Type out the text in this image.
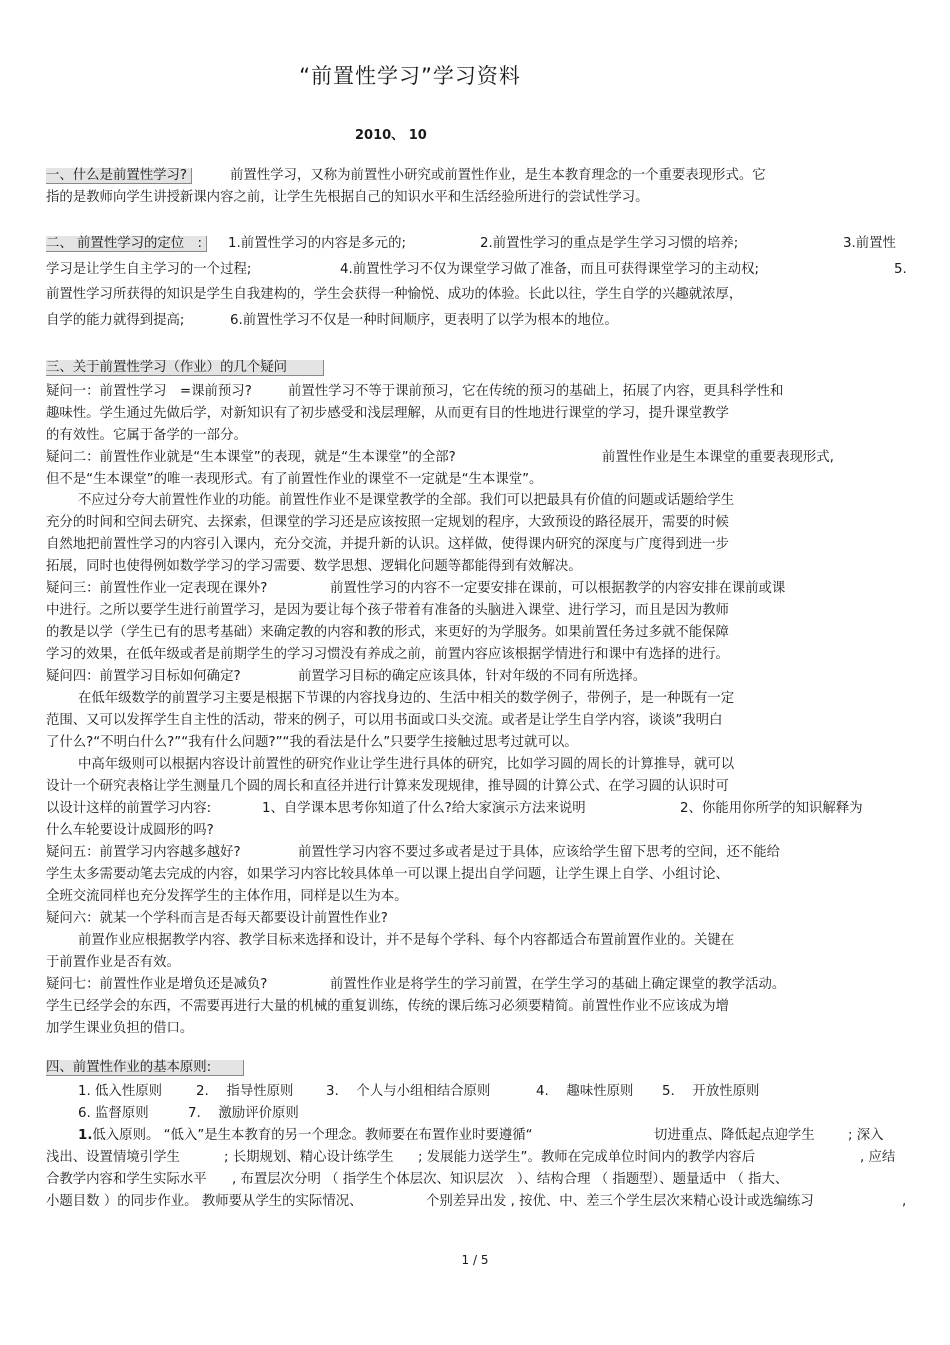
“前置性学习”学习资料
2010、 10
一、什么是前置性学习?	前置性学习，又称为前置性小研究或前置性作业，是生本教育理念的一个重要表现形式。它
指的是教师向学生讲授新课内容之前，让学生先根据自己的知识水平和生活经验所进行的尝试性学习。
二、 前置性学习的定位　: 1.前置性学习的内容是多元的;	2.前置性学习的重点是学生学习习惯的培养;	3.前置性
学习是让学生自主学习的一个过程;	4.前置性学习不仅为课堂学习做了准备，而且可获得课堂学习的主动权;	5.
前置性学习所获得的知识是学生自我建构的，学生会获得一种愉悦、成功的体验。长此以往，学生自学的兴趣就浓厚，
自学的能力就得到提高;	6.前置性学习不仅是一种时间顺序，更表明了以学为根本的地位。
三、关于前置性学习（作业）的几个疑问
疑问一：前置性学习　=课前预习?	前置性学习不等于课前预习，它在传统的预习的基础上，拓展了内容，更具科学性和
趣味性。学生通过先做后学，对新知识有了初步感受和浅层理解，从而更有目的性地进行课堂的学习，提升课堂教学
的有效性。它属于备学的一部分。
疑问二：前置性作业就是“生本课堂”的表现，就是“生本课堂”的全部?	前置性作业是生本课堂的重要表现形式,
但不是“生本课堂”的唯一表现形式。有了前置性作业的课堂不一定就是“生本课堂”。
不应过分夸大前置性作业的功能。前置性作业不是课堂教学的全部。我们可以把最具有价值的问题或话题给学生
充分的时间和空间去研究、去探索，但课堂的学习还是应该按照一定规划的程序，大致预设的路径展开，需要的时候
自然地把前置性学习的内容引入课内，充分交流，并提升新的认识。这样做，使得课内研究的深度与广度得到进一步
拓展，同时也使得例如数学学习的学习需要、数学思想、逻辑化问题等都能得到有效解决。
疑问三：前置性作业一定表现在课外?	前置性学习的内容不一定要安排在课前，可以根据教学的内容安排在课前或课
中进行。之所以要学生进行前置学习，是因为要让每个孩子带着有准备的头脑进入课堂、进行学习，而且是因为教师
的教是以学（学生已有的思考基础）来确定教的内容和教的形式，来更好的为学服务。如果前置任务过多就不能保障
学习的效果，在低年级或者是前期学生的学习习惯没有养成之前，前置内容应该根据学情进行和课中有选择的进行。
疑问四：前置学习目标如何确定?	前置学习目标的确定应该具体，针对年级的不同有所选择。
在低年级数学的前置学习主要是根据下节课的内容找身边的、生活中相关的数学例子，带例子，是一种既有一定
范围、又可以发挥学生自主性的活动，带来的例子，可以用书面或口头交流。或者是让学生自学内容，谈谈”我明白
了什么?“不明白什么?”“我有什么问题?”“我的看法是什么”只要学生接触过思考过就可以。
中高年级则可以根据内容设计前置性的研究作业让学生进行具体的研究，比如学习圆的周长的计算推导，就可以
设计一个研究表格让学生测量几个圆的周长和直径并进行计算来发现规律，推导圆的计算公式、在学习圆的认识时可
以设计这样的前置学习内容:	1、自学课本思考你知道了什么?给大家演示方法来说明	2、你能用你所学的知识解释为
什么车轮要设计成圆形的吗?
疑问五：前置学习内容越多越好?	前置性学习内容不要过多或者是过于具体，应该给学生留下思考的空间，还不能给
学生太多需要动笔去完成的内容，如果学习内容比较具体单一可以课上提出自学问题，让学生课上自学、小组讨论、
全班交流同样也充分发挥学生的主体作用，同样是以生为本。
疑问六：就某一个学科而言是否每天都要设计前置性作业?
前置作业应根据教学内容、教学目标来选择和设计，并不是每个学科、每个内容都适合布置前置作业的。关键在
于前置作业是否有效。
疑问七：前置性作业是增负还是减负?	前置性作业是将学生的学习前置，在学生学习的基础上确定课堂的教学活动。
学生已经学会的东西，不需要再进行大量的机械的重复训练，传统的课后练习必须要精简。前置性作业不应该成为增
加学生课业负担的借口。
四、前置性作业的基本原则:
1. 低入性原则	2.　 指导性原则 3.　 个人与小组相结合原则	4.　 趣味性原则 5.　 开放性原则
6. 监督原则	7.　 激励评价原则
1.低入原则。 “低入”是生本教育的另一个理念。教师要在布置作业时要遵循“	切进重点、降低起点迎学生 ; 深入
浅出、设置情境引学生	; 长期规划、精心设计练学生 ; 发展能力送学生”。教师在完成单位时间内的教学内容后	, 应结
合教学内容和学生实际水平 , 布置层次分明 （ 指学生个体层次、知识层次　）、结构合理 （ 指题型）、题量适中 （ 指大、
小题目数 ）的同步作业。 教师要从学生的实际情况、	个别差异出发 , 按优、中、差三个学生层次来精心设计或选编练习	,
1 / 5
